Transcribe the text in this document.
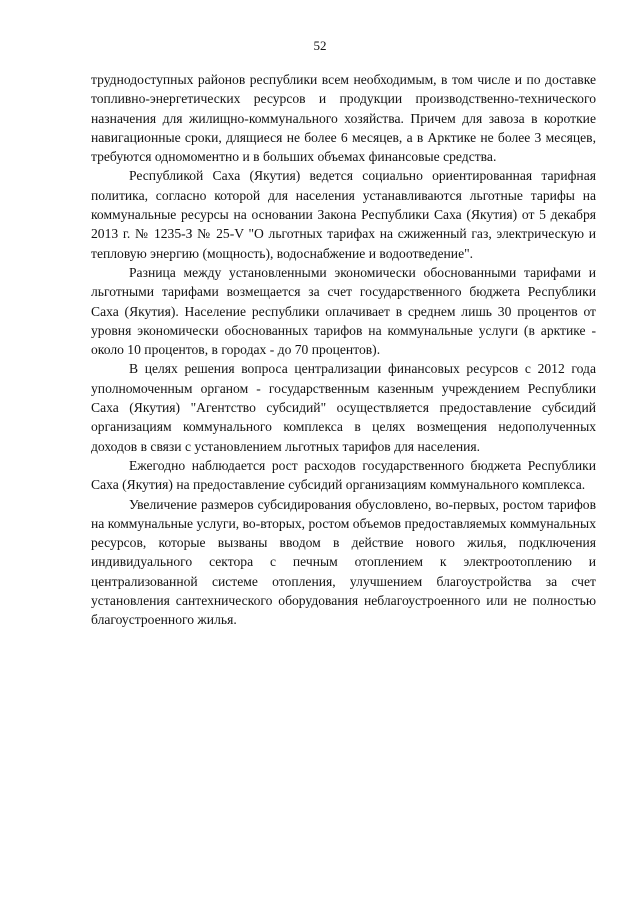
52

труднодоступных районов республики всем необходимым, в том числе и по доставке топливно-энергетических ресурсов и продукции производственно-технического назначения для жилищно-коммунального хозяйства. Причем для завоза в короткие навигационные сроки, длящиеся не более 6 месяцев, а в Арктике не более 3 месяцев, требуются одномоментно и в больших объемах финансовые средства.

Республикой Саха (Якутия) ведется социально ориентированная тарифная политика, согласно которой для населения устанавливаются льготные тарифы на коммунальные ресурсы на основании Закона Республики Саха (Якутия) от 5 декабря 2013 г. № 1235-З № 25-V "О льготных тарифах на сжиженный газ, электрическую и тепловую энергию (мощность), водоснабжение и водоотведение".

Разница между установленными экономически обоснованными тарифами и льготными тарифами возмещается за счет государственного бюджета Республики Саха (Якутия). Население республики оплачивает в среднем лишь 30 процентов от уровня экономически обоснованных тарифов на коммунальные услуги (в арктике - около 10 процентов, в городах - до 70 процентов).

В целях решения вопроса централизации финансовых ресурсов с 2012 года уполномоченным органом - государственным казенным учреждением Республики Саха (Якутия) "Агентство субсидий" осуществляется предоставление субсидий организациям коммунального комплекса в целях возмещения недополученных доходов в связи с установлением льготных тарифов для населения.

Ежегодно наблюдается рост расходов государственного бюджета Республики Саха (Якутия) на предоставление субсидий организациям коммунального комплекса.

Увеличение размеров субсидирования обусловлено, во-первых, ростом тарифов на коммунальные услуги, во-вторых, ростом объемов предоставляемых коммунальных ресурсов, которые вызваны вводом в действие нового жилья, подключения индивидуального сектора с печным отоплением к электроотоплению и централизованной системе отопления, улучшением благоустройства за счет установления сантехнического оборудования неблагоустроенного или не полностью благоустроенного жилья.
